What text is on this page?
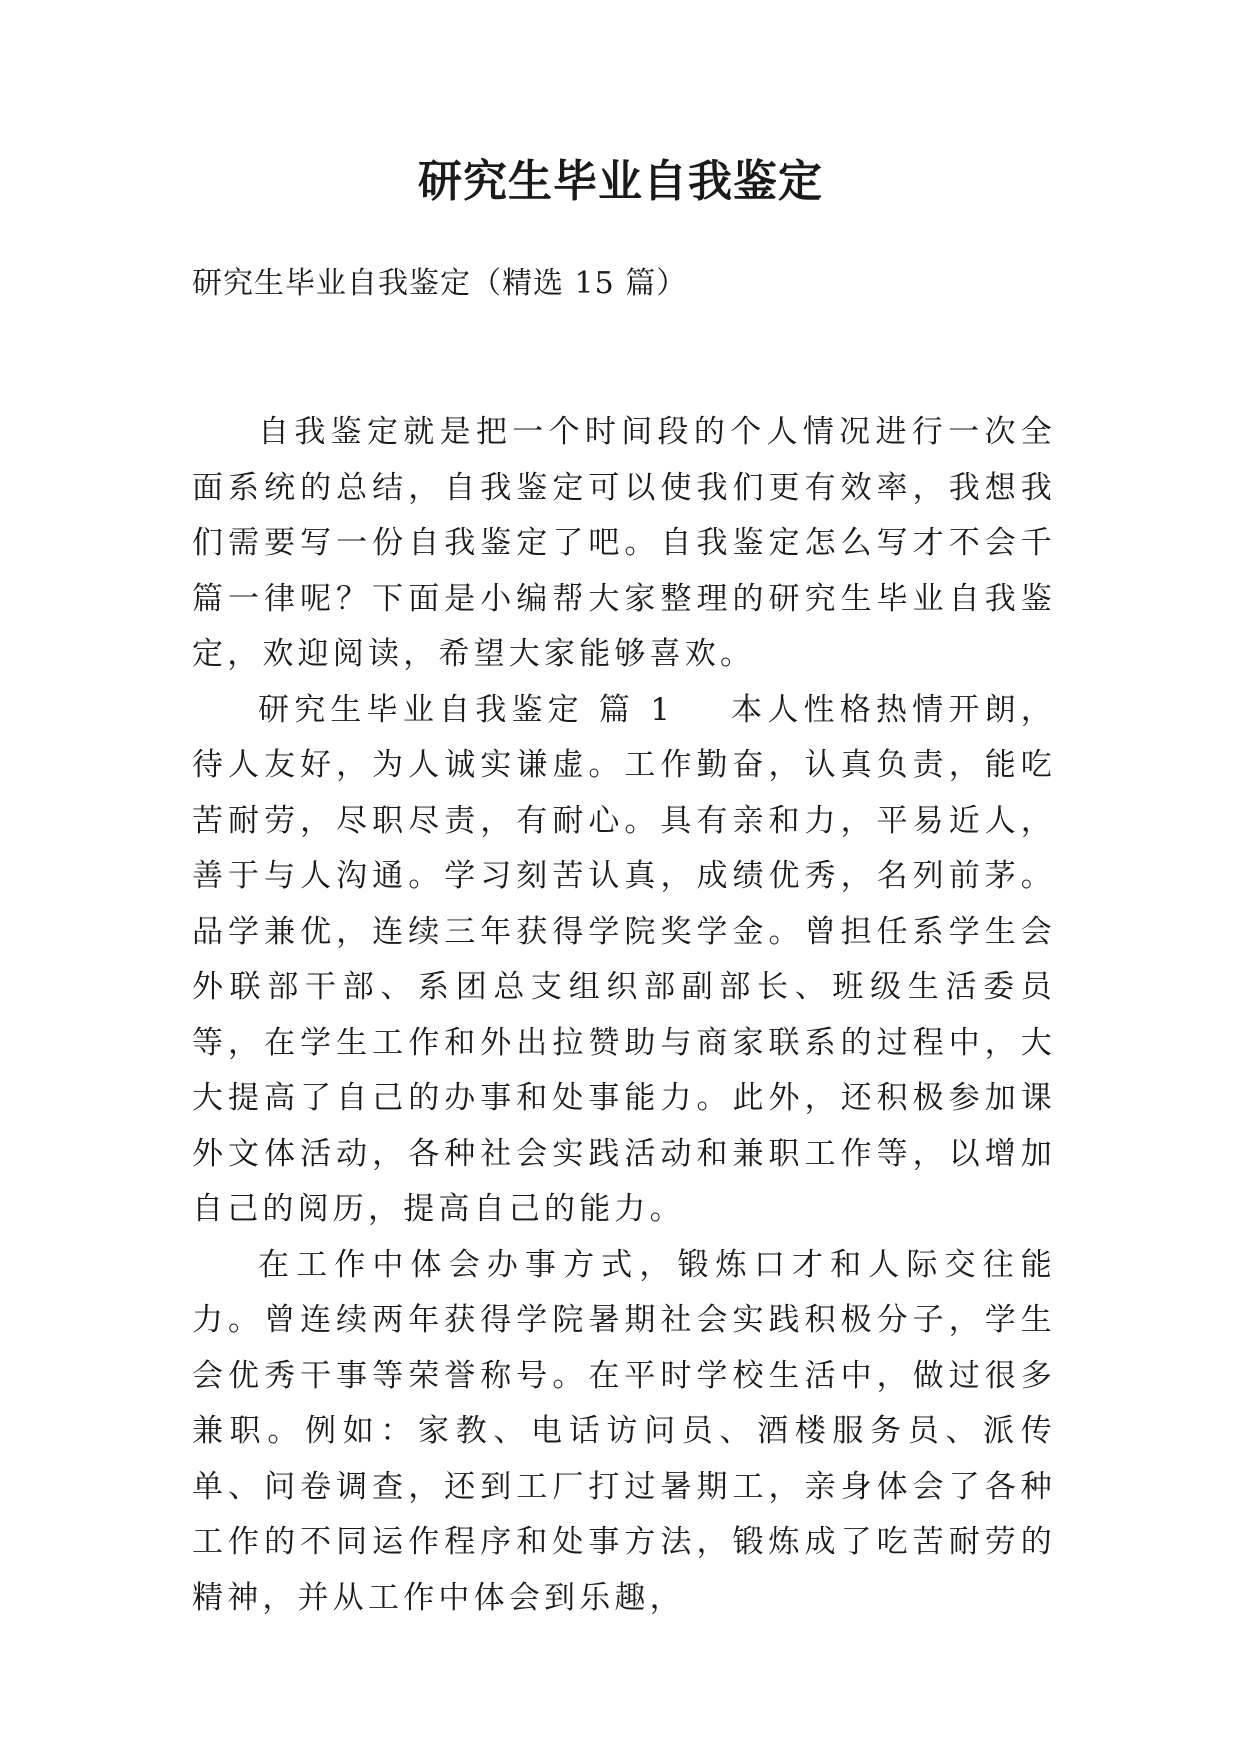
研究生毕业自我鉴定
研究生毕业自我鉴定（精选 15 篇）

自我鉴定就是把一个时间段的个人情况进行一次全面系统的总结，自我鉴定可以使我们更有效率，我想我们需要写一份自我鉴定了吧。自我鉴定怎么写才不会千篇一律呢？下面是小编帮大家整理的研究生毕业自我鉴定，欢迎阅读，希望大家能够喜欢。

研究生毕业自我鉴定 篇 1 本人性格热情开朗，待人友好，为人诚实谦虚。工作勤奋，认真负责，能吃苦耐劳，尽职尽责，有耐心。具有亲和力，平易近人，善于与人沟通。学习刻苦认真，成绩优秀，名列前茅。品学兼优，连续三年获得学院奖学金。曾担任系学生会外联部干部、系团总支组织部副部长、班级生活委员等，在学生工作和外出拉赞助与商家联系的过程中，大大提高了自己的办事和处事能力。此外，还积极参加课外文体活动，各种社会实践活动和兼职工作等，以增加自己的阅历，提高自己的能力。

在工作中体会办事方式，锻炼口才和人际交往能力。曾连续两年获得学院暑期社会实践积极分子，学生会优秀干事等荣誉称号。在平时学校生活中，做过很多兼职。例如：家教、电话访问员、酒楼服务员、派传单、问卷调查，还到工厂打过暑期工，亲身体会了各种工作的不同运作程序和处事方法，锻炼成了吃苦耐劳的精神，并从工作中体会到乐趣，
